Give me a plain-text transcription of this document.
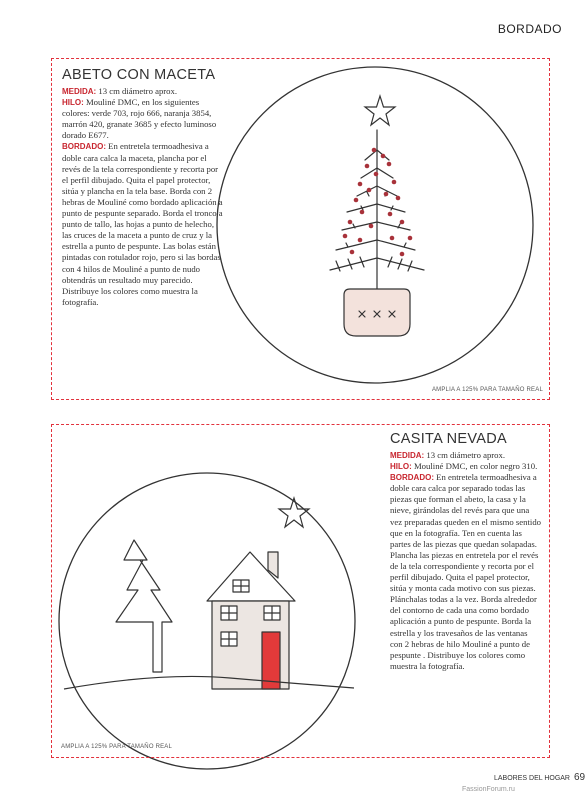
BORDADO
ABETO CON MACETA

MEDIDA: 13 cm diámetro aprox.
HILO: Mouliné DMC, en los siguientes colores: verde 703, rojo 666, naranja 3854, marrón 420, granate 3685 y efecto luminoso dorado E677.
BORDADO: En entretela termoadhesiva a doble cara calca la maceta, plancha por el revés de la tela correspondiente y recorta por el perfil dibujado. Quita el papel protector, sitúa y plancha en la tela base. Borda con 2 hebras de Mouliné como bordado aplicación a punto de pespunte separado. Borda el tronco a punto de tallo, las hojas a punto de helecho, las cruces de la maceta a punto de cruz y la estrella a punto de pespunte. Las bolas están pintadas con rotulador rojo, pero si las bordas con 4 hilos de Mouliné a punto de nudo obtendrás un resultado muy parecido. Distribuye los colores como muestra la fotografía.

AMPLIA A 125% PARA TAMAÑO REAL
CASITA NEVADA

MEDIDA: 13 cm diámetro aprox.
HILO: Mouliné DMC, en color negro 310.
BORDADO: En entretela termoadhesiva a doble cara calca por separado todas las piezas que forman el abeto, la casa y la nieve, girándolas del revés para que una vez preparadas queden en el mismo sentido que en la fotografía. Ten en cuenta las partes de las piezas que quedan solapadas. Plancha las piezas en entretela por el revés de la tela correspondiente y recorta por el perfil dibujado. Quita el papel protector, sitúa y monta cada motivo con sus piezas. Plánchalas todas a la vez. Borda alrededor del contorno de cada una como bordado aplicación a punto de pespunte. Borda la estrella y los travesaños de las ventanas con 2 hebras de hilo Mouliné a punto de pespunte . Distribuye los colores como muestra la fotografía.

AMPLIA A 125% PARA TAMAÑO REAL
LABORES DEL HOGAR 69
FassionForum.ru
